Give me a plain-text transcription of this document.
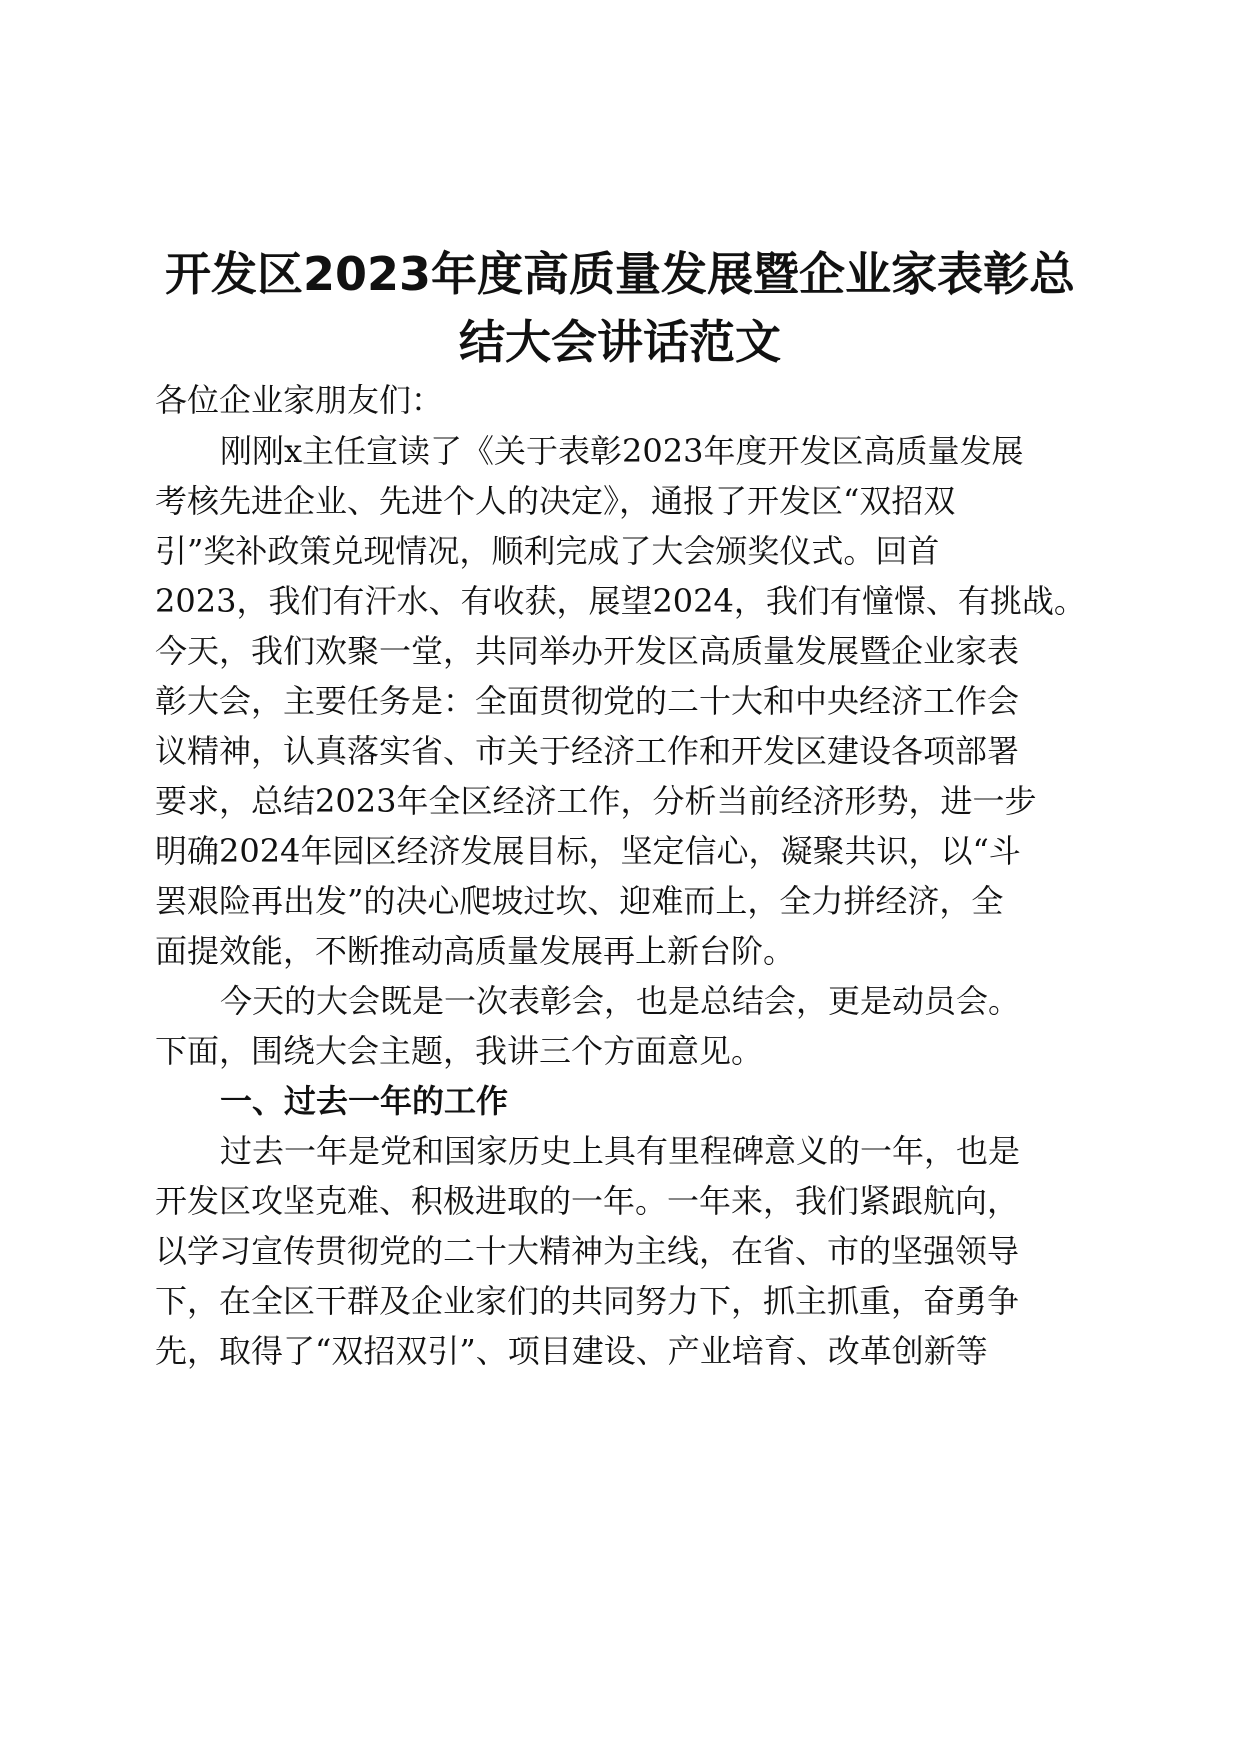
开发区2023年度高质量发展暨企业家表彰总
结大会讲话范文

各位企业家朋友们：

刚刚x主任宣读了《关于表彰2023年度开发区高质量发展

考核先进企业、先进个人的决定》，通报了开发区“双招双

引”奖补政策兑现情况，顺利完成了大会颁奖仪式。回首

2023，我们有汗水、有收获，展望2024，我们有憧憬、有挑战。

今天，我们欢聚一堂，共同举办开发区高质量发展暨企业家表

彰大会，主要任务是：全面贯彻党的二十大和中央经济工作会

议精神，认真落实省、市关于经济工作和开发区建设各项部署

要求，总结2023年全区经济工作，分析当前经济形势，进一步

明确2024年园区经济发展目标，坚定信心，凝聚共识，以“斗

罢艰险再出发”的决心爬坡过坎、迎难而上，全力拼经济，全

面提效能，不断推动高质量发展再上新台阶。

今天的大会既是一次表彰会，也是总结会，更是动员会。

下面，围绕大会主题，我讲三个方面意见。

一、过去一年的工作

过去一年是党和国家历史上具有里程碑意义的一年，也是

开发区攻坚克难、积极进取的一年。一年来，我们紧跟航向，

以学习宣传贯彻党的二十大精神为主线，在省、市的坚强领导

下，在全区干群及企业家们的共同努力下，抓主抓重，奋勇争

先，取得了“双招双引”、项目建设、产业培育、改革创新等
